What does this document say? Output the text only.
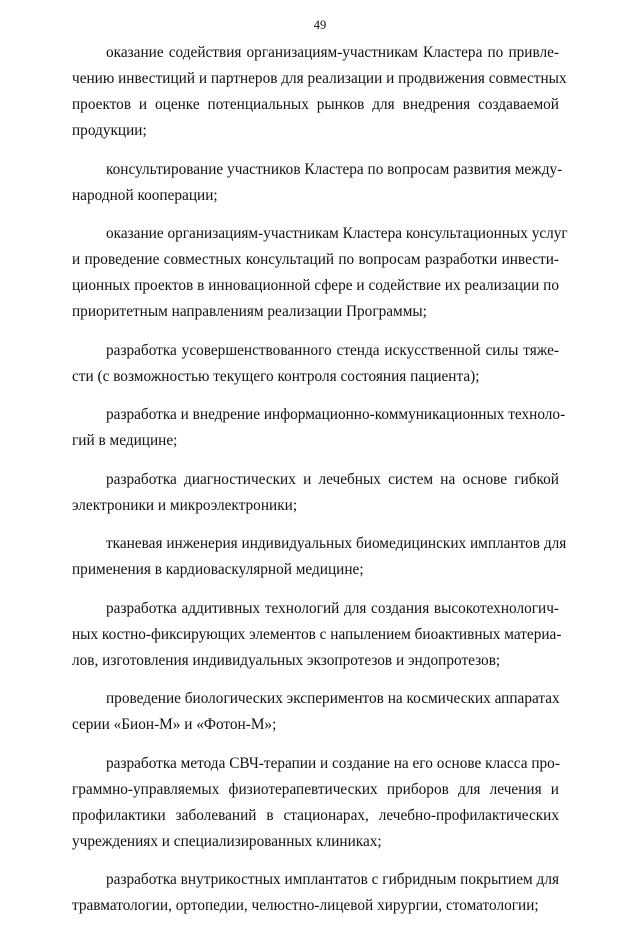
49
оказание содействия организациям-участникам Кластера по привле-
чению инвестиций и партнеров для реализации и продвижения совместных
проектов и оценке потенциальных рынков для внедрения создаваемой
продукции;
консультирование участников Кластера по вопросам развития между-
народной кооперации;
оказание организациям-участникам Кластера консультационных услуг
и проведение совместных консультаций по вопросам разработки инвести-
ционных проектов в инновационной сфере и содействие их реализации по
приоритетным направлениям реализации Программы;
разработка усовершенствованного стенда искусственной силы тяже-
сти (с возможностью текущего контроля состояния пациента);
разработка и внедрение информационно-коммуникационных техноло-
гий в медицине;
разработка диагностических и лечебных систем на основе гибкой
электроники и микроэлектроники;
тканевая инженерия индивидуальных биомедицинских имплантов для
применения в кардиоваскулярной медицине;
разработка аддитивных технологий для создания высокотехнологич-
ных костно-фиксирующих элементов с напылением биоактивных материа-
лов, изготовления индивидуальных экзопротезов и эндопротезов;
проведение биологических экспериментов на космических аппаратах
серии «Бион-М» и «Фотон-М»;
разработка метода СВЧ-терапии и создание на его основе класса про-
граммно-управляемых физиотерапевтических приборов для лечения и
профилактики заболеваний в стационарах, лечебно-профилактических
учреждениях и специализированных клиниках;
разработка внутрикостных имплантатов с гибридным покрытием для
травматологии, ортопедии, челюстно-лицевой хирургии, стоматологии;
